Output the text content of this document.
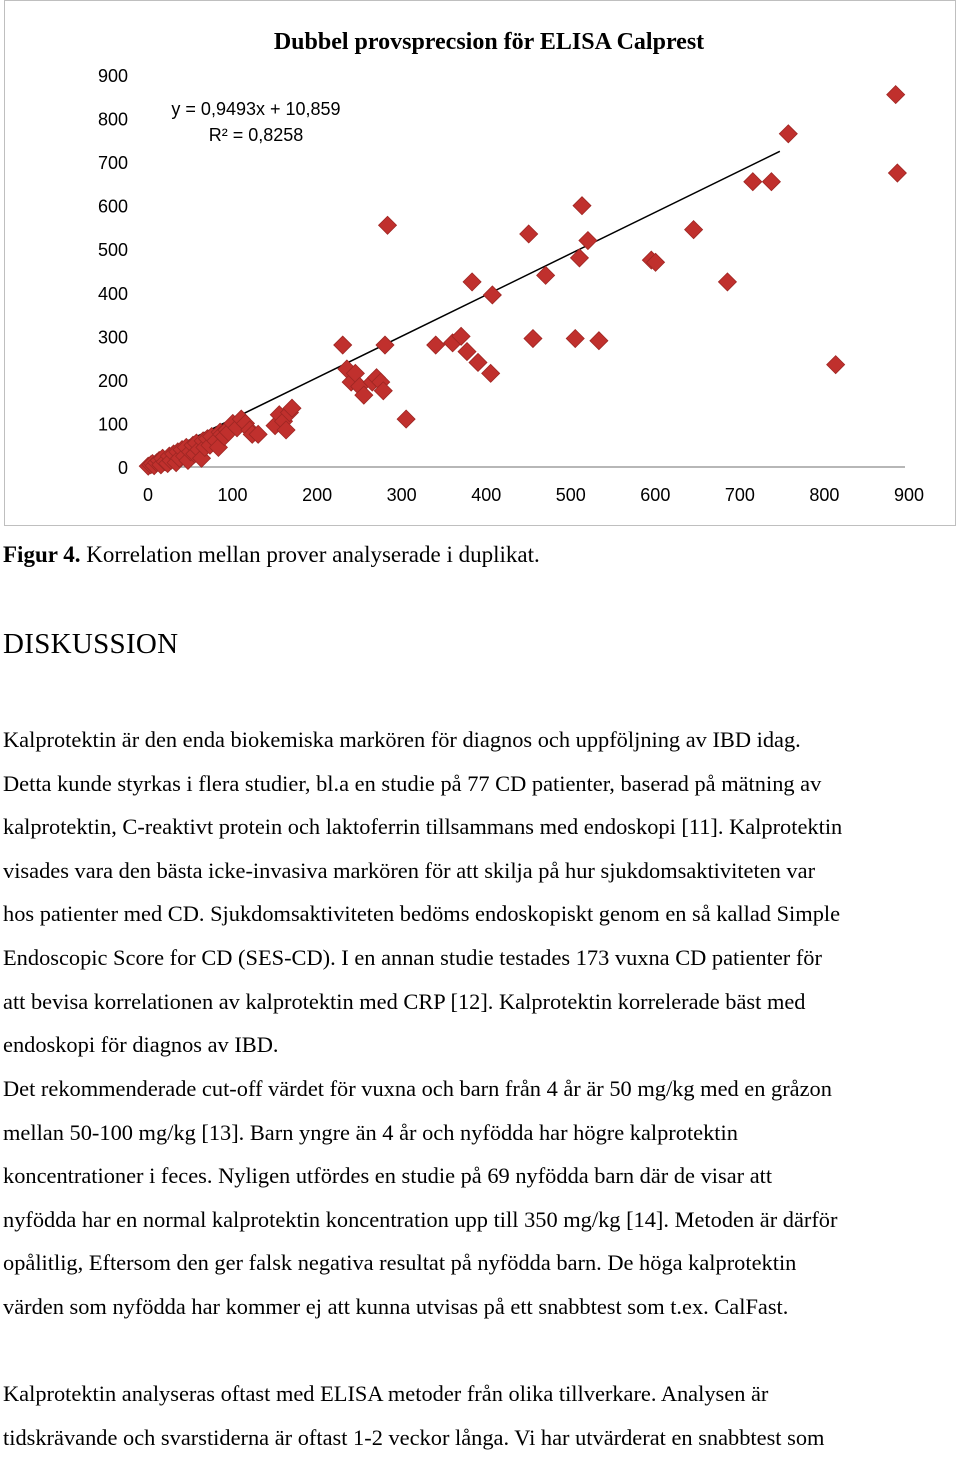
Dubbel provsprecsion för ELISA Calprest
0
100
200
300
400
500
600
700
800
900
0	100	200	300	400	500	600	700	800	900
y = 0,9493x + 10,859
R² = 0,8258
Figur 4. Korrelation mellan prover analyserade i duplikat.
DISKUSSION

Kalprotektin är den enda biokemiska markören för diagnos och uppföljning av IBD idag.
Detta kunde styrkas i flera studier, bl.a en studie på 77 CD patienter, baserad på mätning av
kalprotektin, C-reaktivt protein och laktoferrin tillsammans med endoskopi [11]. Kalprotektin
visades vara den bästa icke-invasiva markören för att skilja på hur sjukdomsaktiviteten var
hos patienter med CD. Sjukdomsaktiviteten bedöms endoskopiskt genom en så kallad Simple
Endoscopic Score for CD (SES-CD). I en annan studie testades 173 vuxna CD patienter för
att bevisa korrelationen av kalprotektin med CRP [12]. Kalprotektin korrelerade bäst med
endoskopi för diagnos av IBD.

Det rekommenderade cut-off värdet för vuxna och barn från 4 år är 50 mg/kg med en gråzon
mellan 50-100 mg/kg [13]. Barn yngre än 4 år och nyfödda har högre kalprotektin
koncentrationer i feces. Nyligen utfördes en studie på 69 nyfödda barn där de visar att
nyfödda har en normal kalprotektin koncentration upp till 350 mg/kg [14]. Metoden är därför
opålitlig, Eftersom den ger falsk negativa resultat på nyfödda barn. De höga kalprotektin
värden som nyfödda har kommer ej att kunna utvisas på ett snabbtest som t.ex. CalFast.

Kalprotektin analyseras oftast med ELISA metoder från olika tillverkare. Analysen är
tidskrävande och svarstiderna är oftast 1-2 veckor långa. Vi har utvärderat en snabbtest som
